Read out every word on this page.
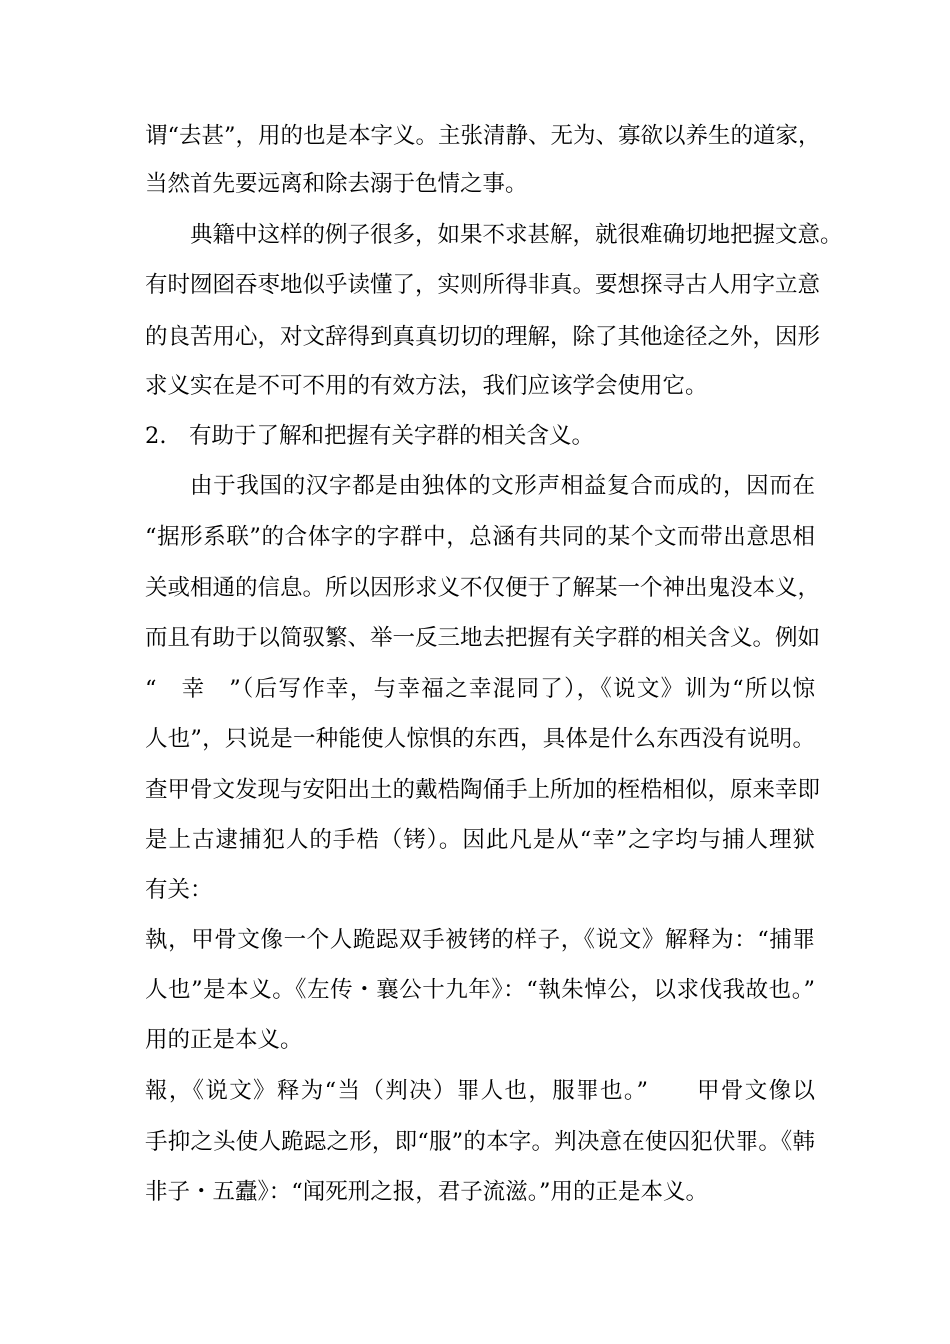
谓“去甚”，用的也是本字义。主张清静、无为、寡欲以养生的道家，
当然首先要远离和除去溺于色情之事。
典籍中这样的例子很多，如果不求甚解，就很难确切地把握文意。
有时囫囵吞枣地似乎读懂了，实则所得非真。要想探寻古人用字立意
的良苦用心，对文辞得到真真切切的理解，除了其他途径之外，因形
求义实在是不可不用的有效方法，我们应该学会使用它。
2.　有助于了解和把握有关字群的相关含义。
由于我国的汉字都是由独体的文形声相益复合而成的，因而在
“据形系联”的合体字的字群中，总涵有共同的某个文而带出意思相
关或相通的信息。所以因形求义不仅便于了解某一个神出鬼没本义，
而且有助于以简驭繁、举一反三地去把握有关字群的相关含义。例如
“　幸　”（后写作幸，与幸福之幸混同了），《说文》训为“所以惊
人也”，只说是一种能使人惊惧的东西，具体是什么东西没有说明。
查甲骨文发现与安阳出土的戴梏陶俑手上所加的桎梏相似，原来幸即
是上古逮捕犯人的手梏（铐）。因此凡是从“幸”之字均与捕人理狱
有关：
執，甲骨文像一个人跪跽双手被铐的样子，《说文》解释为：“捕罪
人也”是本义。《左传・襄公十九年》：“執朱悼公，以求伐我故也。”
用的正是本义。
報，《说文》释为“当（判决）罪人也，服罪也。”　　甲骨文像以
手抑之头使人跪跽之形，即“服”的本字。判决意在使囚犯伏罪。《韩
非子・五蠹》：“闻死刑之报，君子流滋。”用的正是本义。
